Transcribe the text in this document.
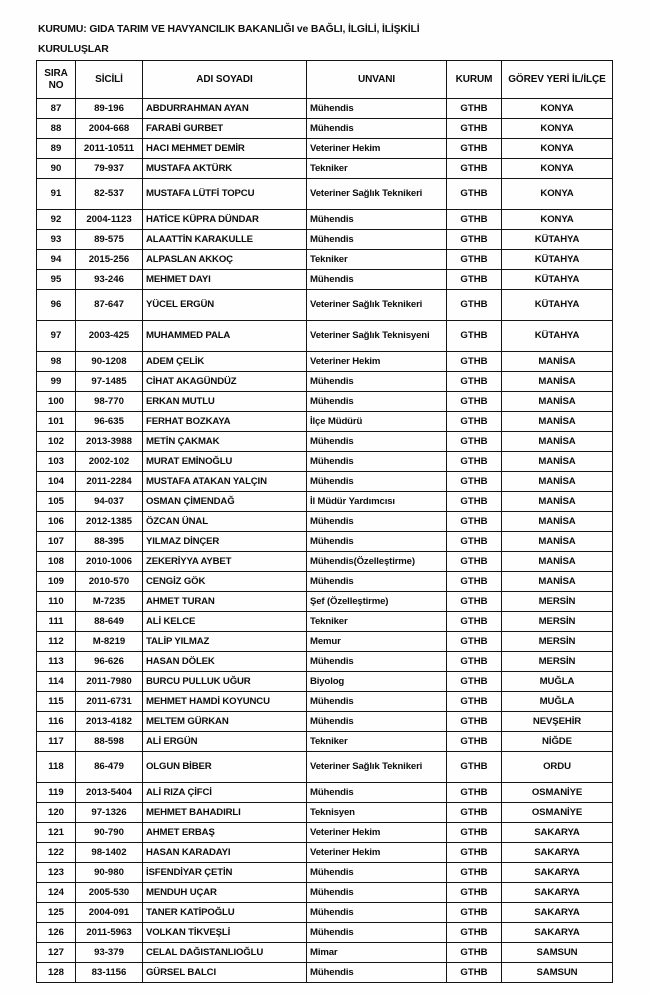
KURUMU: GIDA TARIM VE HAVYANCILIK BAKANLIĞI ve BAĞLI, İLGİLİ, İLİŞKİLİ
KURULUŞLAR
SIRA NO	SİCİLİ	ADI SOYADI	UNVANI	KURUM	GÖREV YERİ İL/İLÇE
87	89-196	ABDURRAHMAN AYAN	Mühendis	GTHB	KONYA
88	2004-668	FARABİ GURBET	Mühendis	GTHB	KONYA
89	2011-10511	HACI MEHMET DEMİR	Veteriner Hekim	GTHB	KONYA
90	79-937	MUSTAFA AKTÜRK	Tekniker	GTHB	KONYA
91	82-537	MUSTAFA LÜTFİ TOPCU	Veteriner Sağlık Teknikeri	GTHB	KONYA
92	2004-1123	HATİCE KÜPRA DÜNDAR	Mühendis	GTHB	KONYA
93	89-575	ALAATTİN KARAKULLE	Mühendis	GTHB	KÜTAHYA
94	2015-256	ALPASLAN AKKOÇ	Tekniker	GTHB	KÜTAHYA
95	93-246	MEHMET DAYI	Mühendis	GTHB	KÜTAHYA
96	87-647	YÜCEL ERGÜN	Veteriner Sağlık Teknikeri	GTHB	KÜTAHYA
97	2003-425	MUHAMMED PALA	Veteriner Sağlık Teknisyeni	GTHB	KÜTAHYA
98	90-1208	ADEM ÇELİK	Veteriner Hekim	GTHB	MANİSA
99	97-1485	CİHAT AKAGÜNDÜZ	Mühendis	GTHB	MANİSA
100	98-770	ERKAN MUTLU	Mühendis	GTHB	MANİSA
101	96-635	FERHAT BOZKAYA	İlçe Müdürü	GTHB	MANİSA
102	2013-3988	METİN ÇAKMAK	Mühendis	GTHB	MANİSA
103	2002-102	MURAT EMİNOĞLU	Mühendis	GTHB	MANİSA
104	2011-2284	MUSTAFA ATAKAN YALÇIN	Mühendis	GTHB	MANİSA
105	94-037	OSMAN ÇİMENDAĞ	İl Müdür Yardımcısı	GTHB	MANİSA
106	2012-1385	ÖZCAN ÜNAL	Mühendis	GTHB	MANİSA
107	88-395	YILMAZ DİNÇER	Mühendis	GTHB	MANİSA
108	2010-1006	ZEKERİYYA AYBET	Mühendis(Özelleştirme)	GTHB	MANİSA
109	2010-570	CENGİZ GÖK	Mühendis	GTHB	MANİSA
110	M-7235	AHMET TURAN	Şef (Özelleştirme)	GTHB	MERSİN
111	88-649	ALİ KELCE	Tekniker	GTHB	MERSİN
112	M-8219	TALİP YILMAZ	Memur	GTHB	MERSİN
113	96-626	HASAN DÖLEK	Mühendis	GTHB	MERSİN
114	2011-7980	BURCU PULLUK UĞUR	Biyolog	GTHB	MUĞLA
115	2011-6731	MEHMET HAMDİ KOYUNCU	Mühendis	GTHB	MUĞLA
116	2013-4182	MELTEM GÜRKAN	Mühendis	GTHB	NEVŞEHİR
117	88-598	ALİ ERGÜN	Tekniker	GTHB	NİĞDE
118	86-479	OLGUN BİBER	Veteriner Sağlık Teknikeri	GTHB	ORDU
119	2013-5404	ALİ RIZA ÇİFCİ	Mühendis	GTHB	OSMANİYE
120	97-1326	MEHMET BAHADIRLI	Teknisyen	GTHB	OSMANİYE
121	90-790	AHMET ERBAŞ	Veteriner Hekim	GTHB	SAKARYA
122	98-1402	HASAN KARADAYI	Veteriner Hekim	GTHB	SAKARYA
123	90-980	İSFENDİYAR ÇETİN	Mühendis	GTHB	SAKARYA
124	2005-530	MENDUH UÇAR	Mühendis	GTHB	SAKARYA
125	2004-091	TANER KATİPOĞLU	Mühendis	GTHB	SAKARYA
126	2011-5963	VOLKAN TİKVEŞLİ	Mühendis	GTHB	SAKARYA
127	93-379	CELAL DAĞISTANLIOĞLU	Mimar	GTHB	SAMSUN
128	83-1156	GÜRSEL BALCI	Mühendis	GTHB	SAMSUN
